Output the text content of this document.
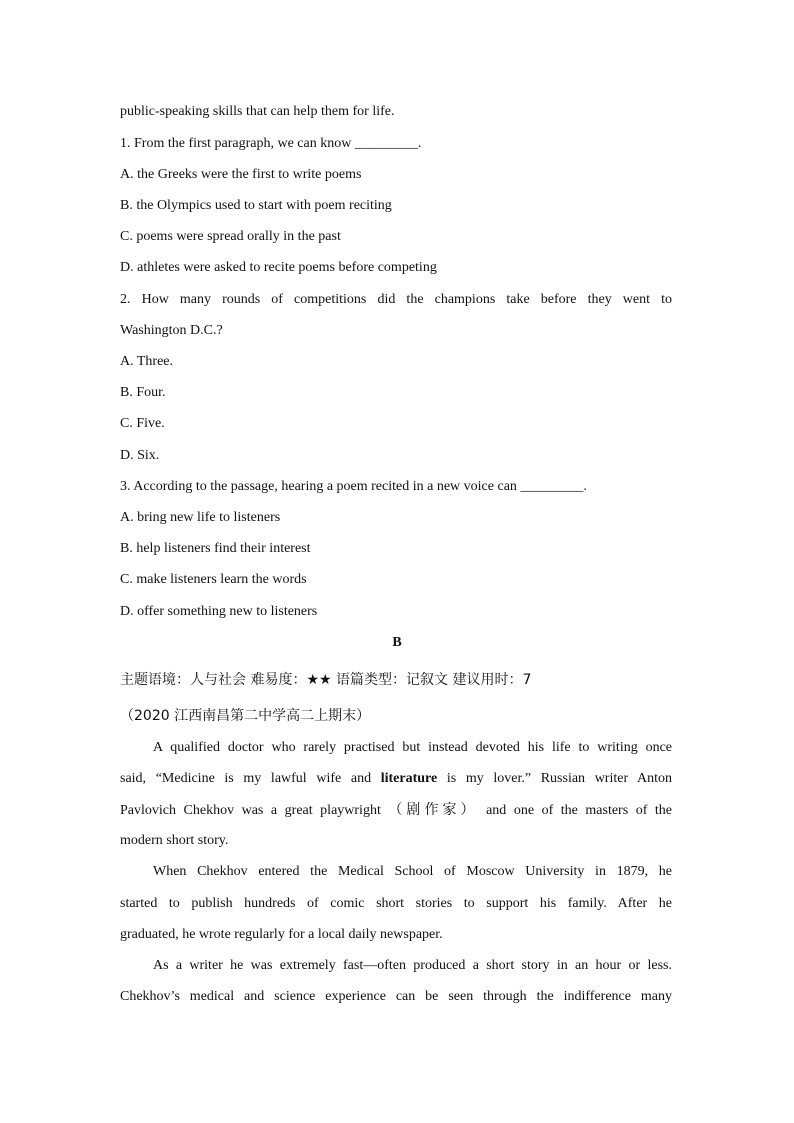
public-speaking skills that can help them for life.
1. From the first paragraph, we can know _________.
A. the Greeks were the first to write poems
B. the Olympics used to start with poem reciting
C. poems were spread orally in the past
D. athletes were asked to recite poems before competing
2. How many rounds of competitions did the champions take before they went to
Washington D.C.?
A. Three.
B. Four.
C. Five.
D. Six.
3. According to the passage, hearing a poem recited in a new voice can _________.
A. bring new life to listeners
B. help listeners find their interest
C. make listeners learn the words
D. offer something new to listeners
B
主题语境：人与社会 难易度：★★ 语篇类型：记叙文 建议用时：7
（2020 江西南昌第二中学高二上期末）
A qualified doctor who rarely practised but instead devoted his life to writing once
said, “Medicine is my lawful wife and literature is my lover.” Russian writer Anton
Pavlovich Chekhov was a great playwright （剧作家） and one of the masters of the
modern short story.
When Chekhov entered the Medical School of Moscow University in 1879, he
started to publish hundreds of comic short stories to support his family. After he
graduated, he wrote regularly for a local daily newspaper.
As a writer he was extremely fast—often produced a short story in an hour or less.
Chekhov’s medical and science experience can be seen through the indifference many
